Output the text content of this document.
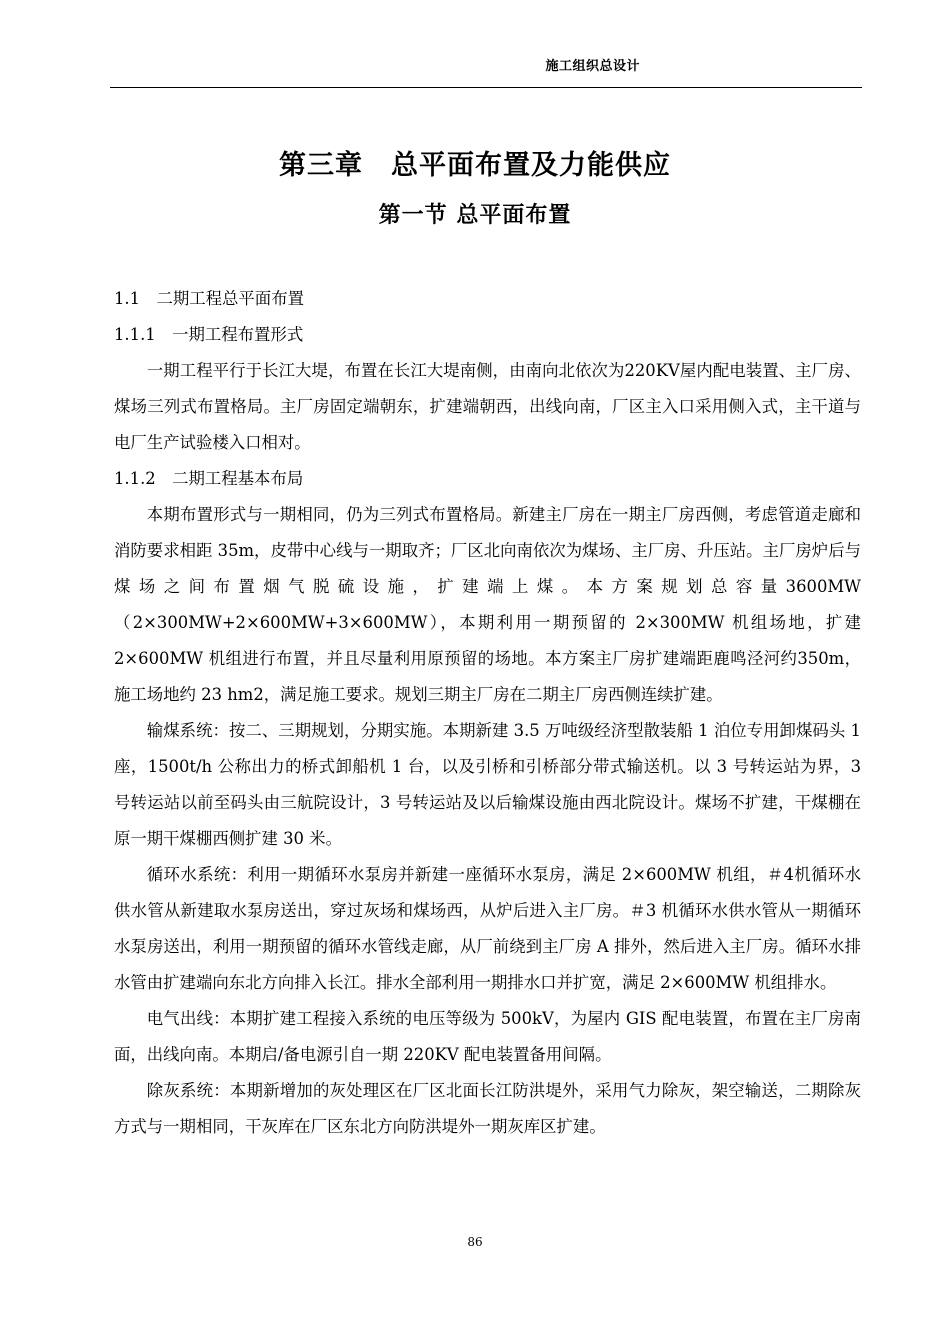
施工组织总设计
第三章　总平面布置及力能供应
第一节 总平面布置

1.1　二期工程总平面布置

1.1.1　一期工程布置形式

一期工程平行于长江大堤，布置在长江大堤南侧，由南向北依次为220KV屋内配电装置、主厂房、煤场三列式布置格局。主厂房固定端朝东，扩建端朝西，出线向南，厂区主入口采用侧入式，主干道与电厂生产试验楼入口相对。

1.1.2　二期工程基本布局

本期布置形式与一期相同，仍为三列式布置格局。新建主厂房在一期主厂房西侧，考虑管道走廊和消防要求相距 35m，皮带中心线与一期取齐；厂区北向南依次为煤场、主厂房、升压站。主厂房炉后与煤场之间布置烟气脱硫设施，扩建端上煤。本方案规划总容量3600MW（2×300MW+2×600MW+3×600MW），本期利用一期预留的 2×300MW 机组场地，扩建2×600MW 机组进行布置，并且尽量利用原预留的场地。本方案主厂房扩建端距鹿鸣泾河约350m，施工场地约 23 hm2，满足施工要求。规划三期主厂房在二期主厂房西侧连续扩建。

输煤系统：按二、三期规划，分期实施。本期新建 3.5 万吨级经济型散装船 1 泊位专用卸煤码头 1 座，1500t/h 公称出力的桥式卸船机 1 台，以及引桥和引桥部分带式输送机。以 3 号转运站为界，3 号转运站以前至码头由三航院设计，3 号转运站及以后输煤设施由西北院设计。煤场不扩建，干煤棚在原一期干煤棚西侧扩建 30 米。

循环水系统：利用一期循环水泵房并新建一座循环水泵房，满足 2×600MW 机组，＃4机循环水供水管从新建取水泵房送出，穿过灰场和煤场西，从炉后进入主厂房。＃3 机循环水供水管从一期循环水泵房送出，利用一期预留的循环水管线走廊，从厂前绕到主厂房 A 排外，然后进入主厂房。循环水排水管由扩建端向东北方向排入长江。排水全部利用一期排水口并扩宽，满足 2×600MW 机组排水。

电气出线：本期扩建工程接入系统的电压等级为 500kV，为屋内 GIS 配电装置，布置在主厂房南面，出线向南。本期启/备电源引自一期 220KV 配电装置备用间隔。

除灰系统：本期新增加的灰处理区在厂区北面长江防洪堤外，采用气力除灰，架空输送，二期除灰方式与一期相同，干灰库在厂区东北方向防洪堤外一期灰库区扩建。

86
